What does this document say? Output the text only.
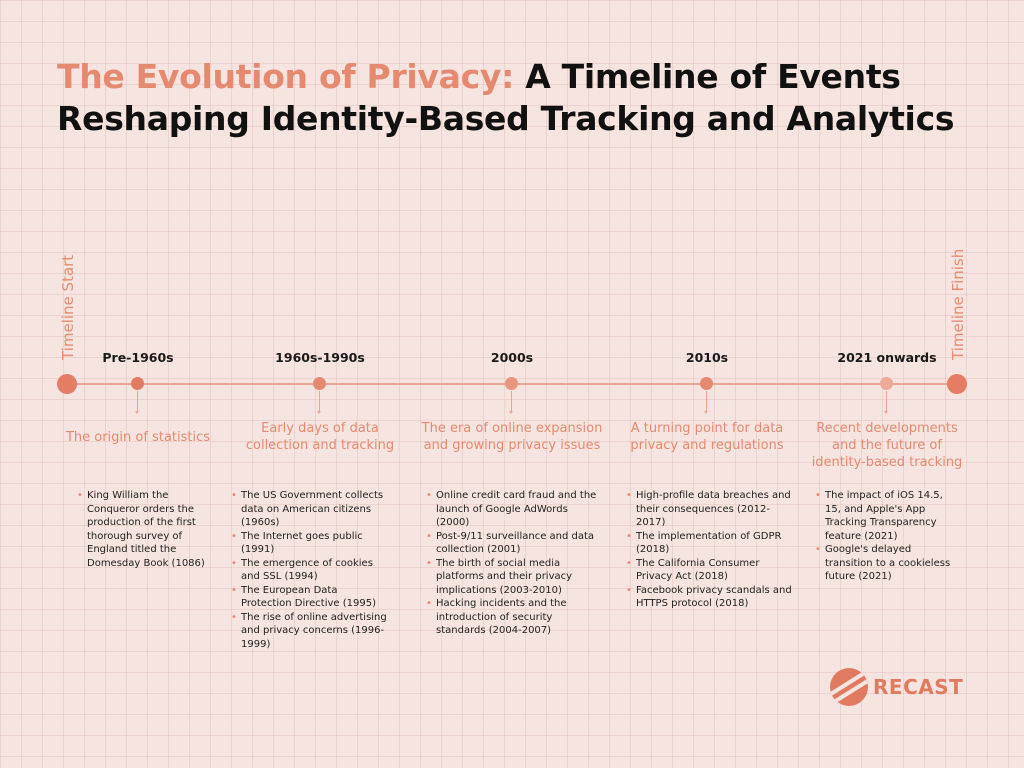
The Evolution of Privacy: A Timeline of Events Reshaping Identity-Based Tracking and Analytics
Timeline Start	Timeline Finish
Pre-1960s
The origin of statistics
• King William the Conqueror orders the production of the first thorough survey of England titled the Domesday Book (1086)
1960s-1990s
Early days of data collection and tracking
• The US Government collects data on American citizens (1960s)
• The Internet goes public (1991)
• The emergence of cookies and SSL (1994)
• The European Data Protection Directive (1995)
• The rise of online advertising and privacy concerns (1996-1999)
2000s
The era of online expansion and growing privacy issues
• Online credit card fraud and the launch of Google AdWords (2000)
• Post-9/11 surveillance and data collection (2001)
• The birth of social media platforms and their privacy implications (2003-2010)
• Hacking incidents and the introduction of security standards (2004-2007)
2010s
A turning point for data privacy and regulations
• High-profile data breaches and their consequences (2012-2017)
• The implementation of GDPR (2018)
• The California Consumer Privacy Act (2018)
• Facebook privacy scandals and HTTPS protocol (2018)
2021 onwards
Recent developments and the future of identity-based tracking
• The impact of iOS 14.5, 15, and Apple's App Tracking Transparency feature (2021)
• Google's delayed transition to a cookieless future (2021)
RECAST
